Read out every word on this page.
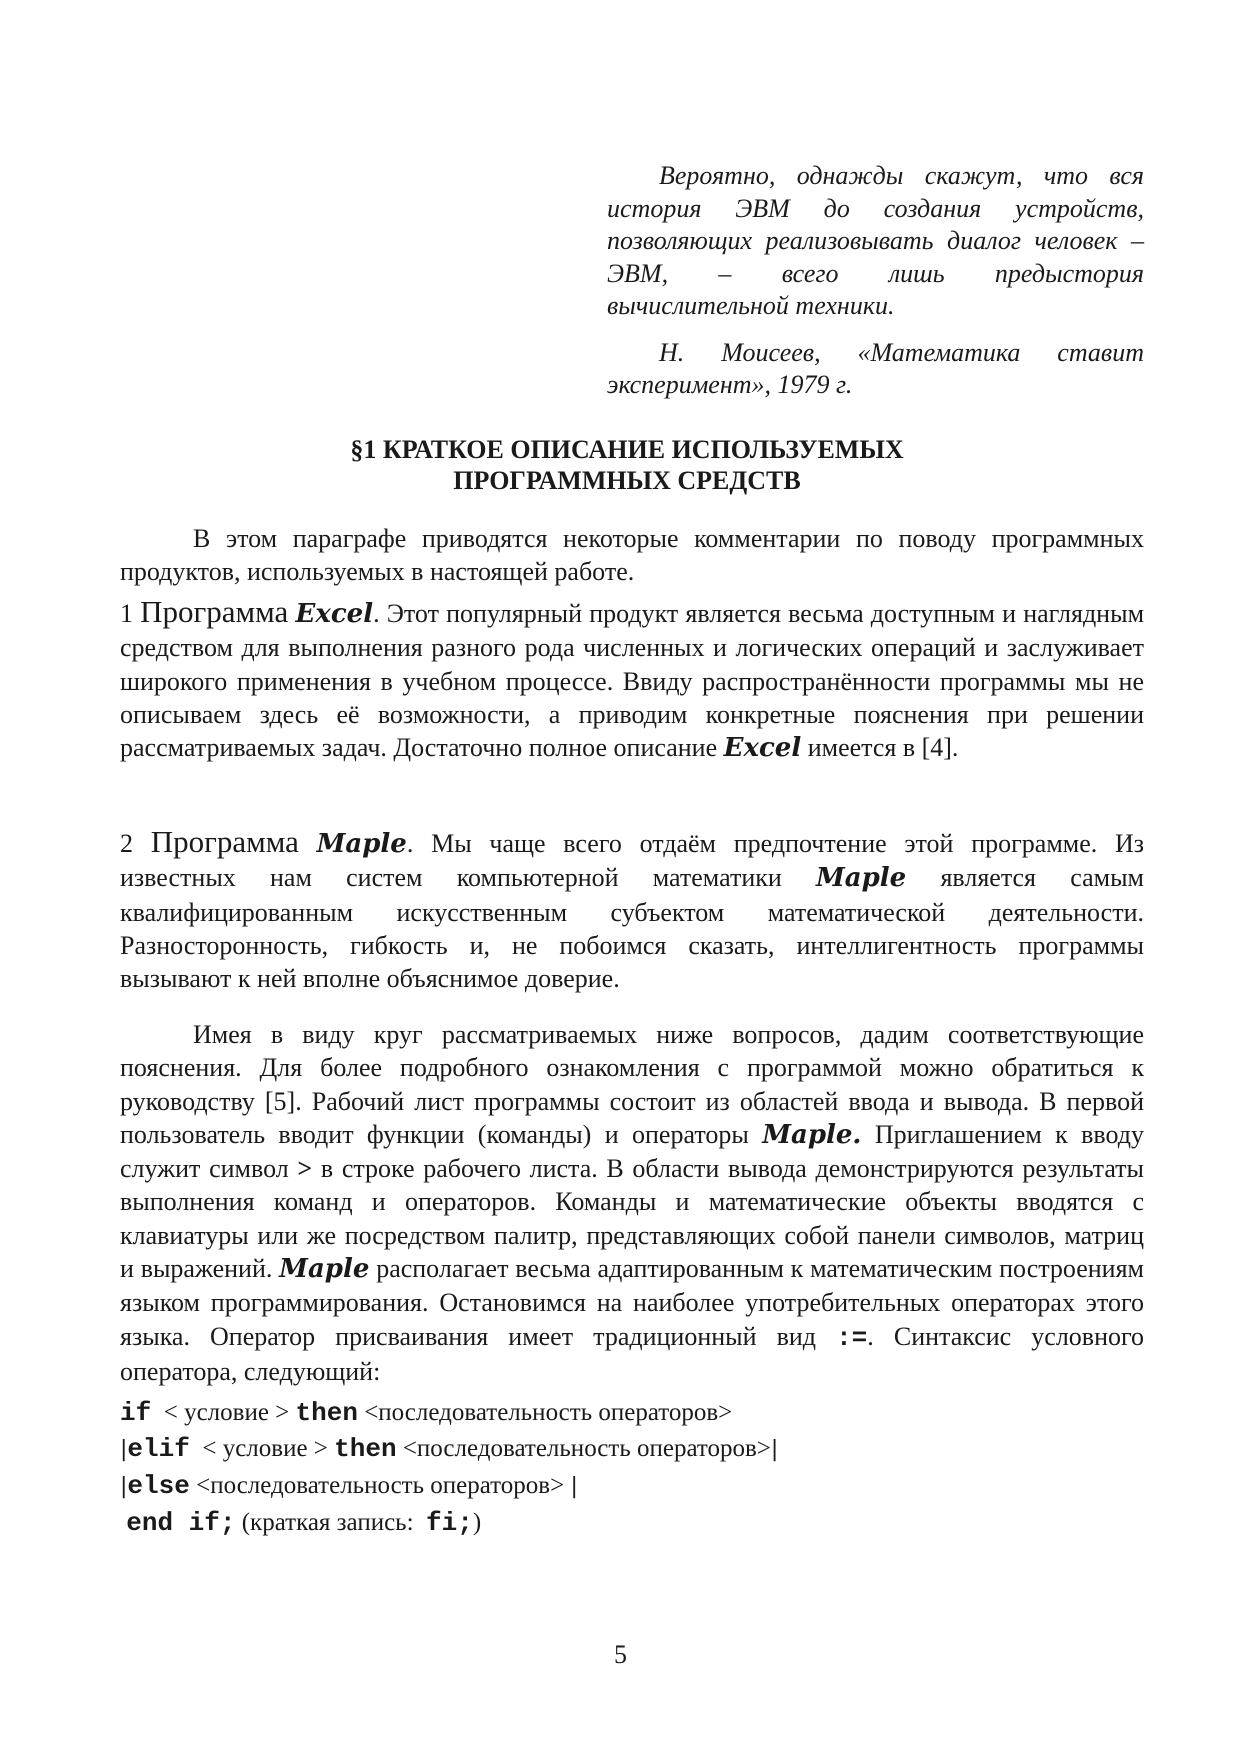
Вероятно, однажды скажут, что вся история ЭВМ до создания устройств, позволяющих реализовывать диалог человек – ЭВМ, – всего лишь предыстория вычислительной техники.

Н. Моисеев, «Математика ставит эксперимент», 1979 г.

§1 КРАТКОЕ ОПИСАНИЕ ИСПОЛЬЗУЕМЫХ
ПРОГРАММНЫХ СРЕДСТВ

В этом параграфе приводятся некоторые комментарии по поводу программных продуктов, используемых в настоящей работе.

1 Программа Excel. Этот популярный продукт является весьма доступным и наглядным средством для выполнения разного рода численных и логических операций и заслуживает широкого применения в учебном процессе. Ввиду распространённости программы мы не описываем здесь её возможности, а приводим конкретные пояснения при решении рассматриваемых задач. Достаточно полное описание Excel имеется в [4].

2 Программа Maple. Мы чаще всего отдаём предпочтение этой программе. Из известных нам систем компьютерной математики Maple является самым квалифицированным искусственным субъектом математической деятельности. Разносторонность, гибкость и, не побоимся сказать, интеллигентность программы вызывают к ней вполне объяснимое доверие.

Имея в виду круг рассматриваемых ниже вопросов, дадим соответствующие пояснения. Для более подробного ознакомления с программой можно обратиться к руководству [5]. Рабочий лист программы состоит из областей ввода и вывода. В первой пользователь вводит функции (команды) и операторы Maple. Приглашением к вводу служит символ > в строке рабочего листа. В области вывода демонстрируются результаты выполнения команд и операторов. Команды и математические объекты вводятся с клавиатуры или же посредством палитр, представляющих собой панели символов, матриц и выражений. Maple располагает весьма адаптированным к математическим построениям языком программирования. Остановимся на наиболее употребительных операторах этого языка. Оператор присваивания имеет традиционный вид :=. Синтаксис условного оператора, следующий:

if < условие > then <последовательность операторов>
|elif < условие > then <последовательность операторов>|
|else <последовательность операторов> |
end if; (краткая запись: fi;)
5
